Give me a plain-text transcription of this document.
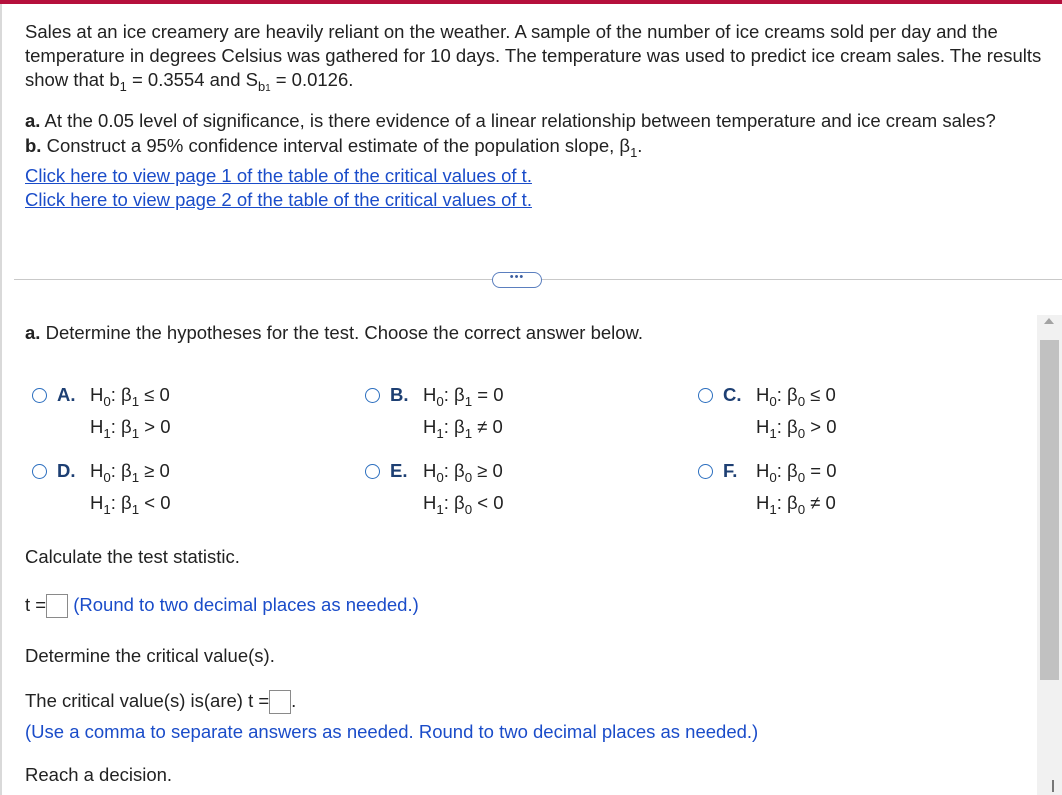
Sales at an ice creamery are heavily reliant on the weather. A sample of the number of ice creams sold per day and the temperature in degrees Celsius was gathered for 10 days. The temperature was used to predict ice cream sales. The results show that $b_1 = 0.3554$ and $S_{b1} = 0.0126$.

a. At the 0.05 level of significance, is there evidence of a linear relationship between temperature and ice cream sales?
b. Construct a 95% confidence interval estimate of the population slope, $\beta_1$.
Click here to view page 1 of the table of the critical values of t.
Click here to view page 2 of the table of the critical values of t.
•••
a. Determine the hypotheses for the test. Choose the correct answer below.
A. $H_0$: $\beta_1 \le 0$
$H_1$: $\beta_1 > 0$
B. $H_0$: $\beta_1 = 0$
$H_1$: $\beta_1 \ne 0$
C. $H_0$: $\beta_0 \le 0$
$H_1$: $\beta_0 > 0$
D. $H_0$: $\beta_1 \ge 0$
$H_1$: $\beta_1 < 0$
E. $H_0$: $\beta_0 \ge 0$
$H_1$: $\beta_0 < 0$
F. $H_0$: $\beta_0 = 0$
$H_1$: $\beta_0 \ne 0$
Calculate the test statistic.
t = (Round to two decimal places as needed.)
Determine the critical value(s).
The critical value(s) is(are) t = .
(Use a comma to separate answers as needed. Round to two decimal places as needed.)
Reach a decision.
